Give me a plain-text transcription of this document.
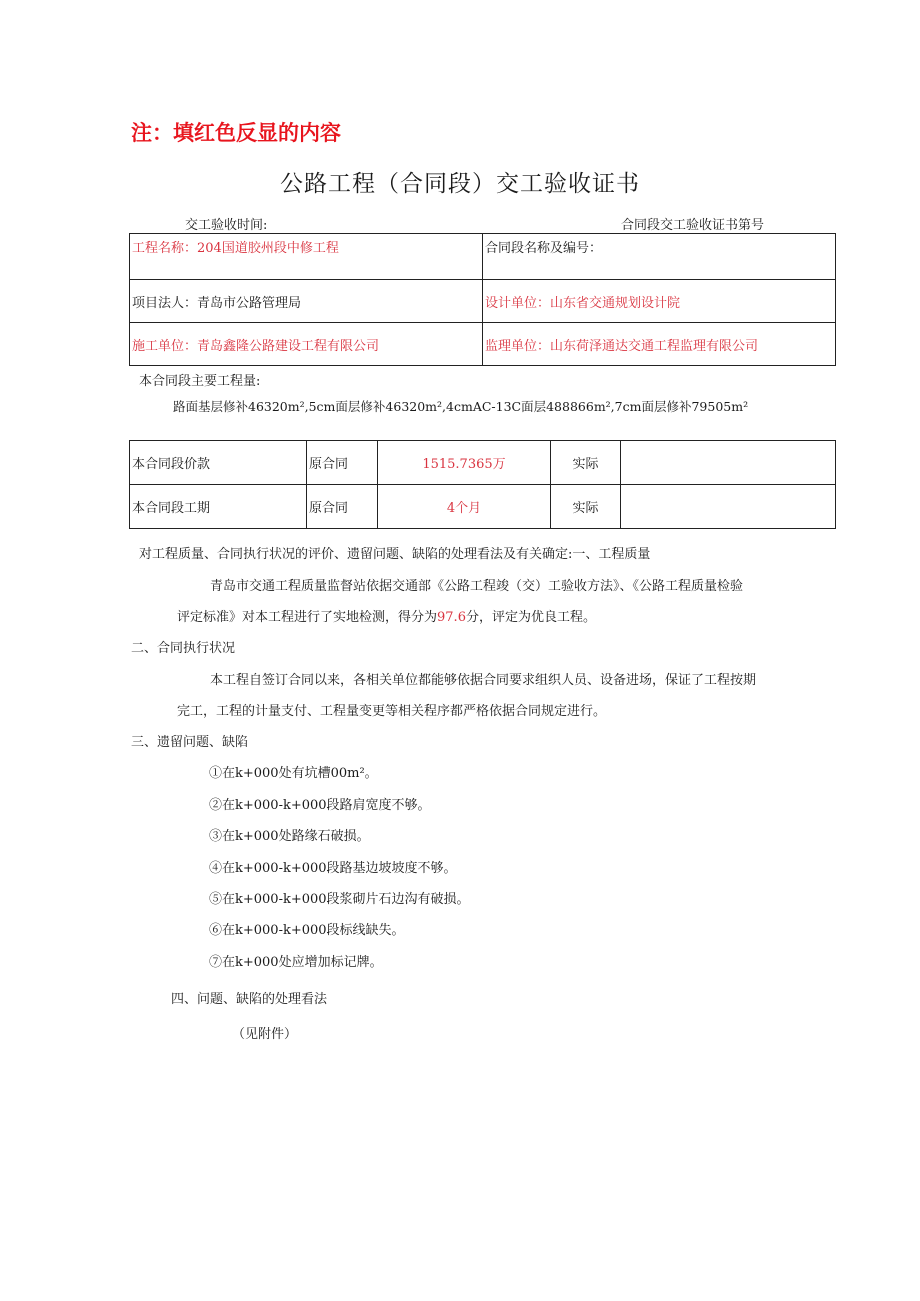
注：填红色反显的内容
公路工程（合同段）交工验收证书
交工验收时间:	合同段交工验收证书第号
工程名称：204国道胶州段中修工程	合同段名称及编号：
项目法人：青岛市公路管理局	设计单位：山东省交通规划设计院
施工单位：青岛鑫隆公路建设工程有限公司	监理单位：山东荷泽通达交通工程监理有限公司
本合同段主要工程量:
路面基层修补46320m²,5cm面层修补46320m²,4cmAC-13C面层488866m²,7cm面层修补79505m²
本合同段价款	原合同	1515.7365万	实际	
本合同段工期	原合同	4个月	实际	
对工程质量、合同执行状况的评价、遗留问题、缺陷的处理看法及有关确定:一、工程质量
青岛市交通工程质量监督站依据交通部《公路工程竣（交）工验收方法》、《公路工程质量检验
评定标准》对本工程进行了实地检测，得分为97.6分，评定为优良工程。
二、合同执行状况
本工程自签订合同以来，各相关单位都能够依据合同要求组织人员、设备进场，保证了工程按期
完工，工程的计量支付、工程量变更等相关程序都严格依据合同规定进行。
三、遗留问题、缺陷
①在k+000处有坑槽00m²。
②在k+000-k+000段路肩宽度不够。
③在k+000处路缘石破损。
④在k+000-k+000段路基边坡坡度不够。
⑤在k+000-k+000段浆砌片石边沟有破损。
⑥在k+000-k+000段标线缺失。
⑦在k+000处应增加标记牌。
四、问题、缺陷的处理看法
（见附件）
